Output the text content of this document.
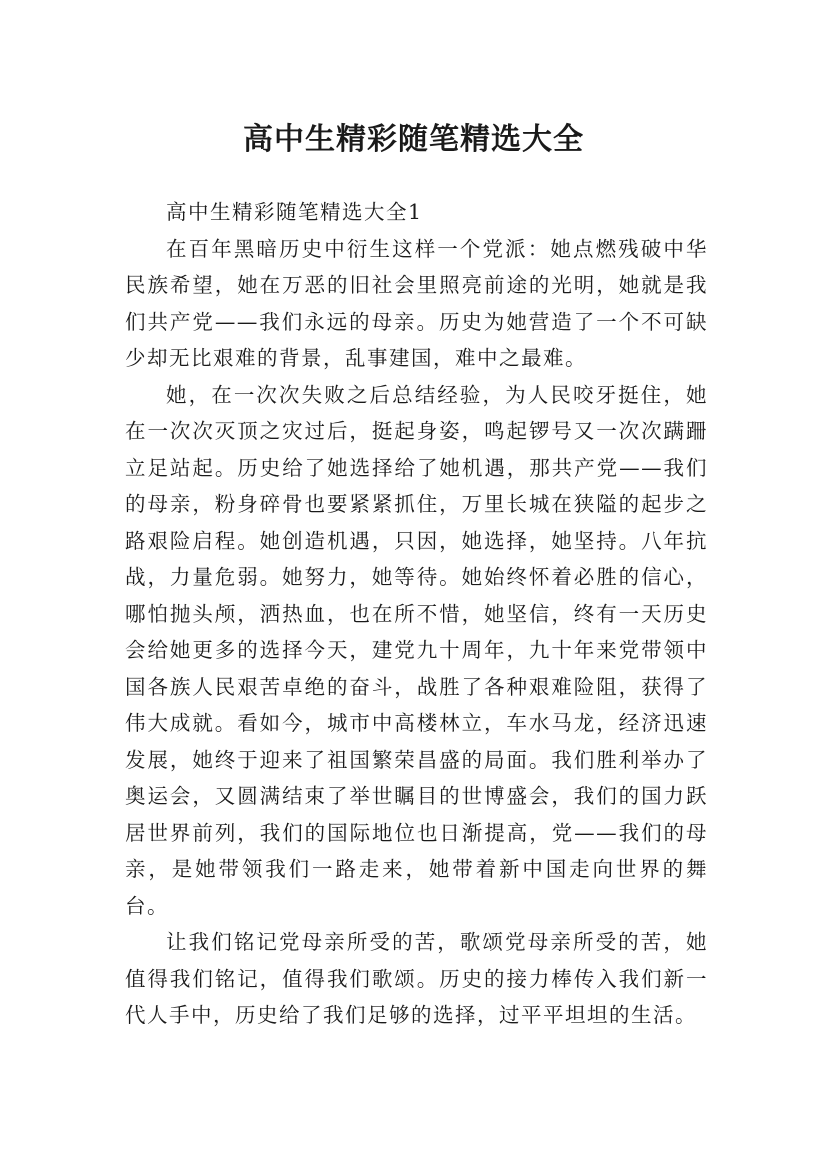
高中生精彩随笔精选大全

高中生精彩随笔精选大全1

在百年黑暗历史中衍生这样一个党派：她点燃残破中华民族希望，她在万恶的旧社会里照亮前途的光明，她就是我们共产党——我们永远的母亲。历史为她营造了一个不可缺少却无比艰难的背景，乱事建国，难中之最难。

她，在一次次失败之后总结经验，为人民咬牙挺住，她在一次次灭顶之灾过后，挺起身姿，鸣起锣号又一次次蹒跚立足站起。历史给了她选择给了她机遇，那共产党——我们的母亲，粉身碎骨也要紧紧抓住，万里长城在狭隘的起步之路艰险启程。她创造机遇，只因，她选择，她坚持。八年抗战，力量危弱。她努力，她等待。她始终怀着必胜的信心，哪怕抛头颅，洒热血，也在所不惜，她坚信，终有一天历史会给她更多的选择今天，建党九十周年，九十年来党带领中国各族人民艰苦卓绝的奋斗，战胜了各种艰难险阻，获得了伟大成就。看如今，城市中高楼林立，车水马龙，经济迅速发展，她终于迎来了祖国繁荣昌盛的局面。我们胜利举办了奥运会，又圆满结束了举世瞩目的世博盛会，我们的国力跃居世界前列，我们的国际地位也日渐提高，党——我们的母亲，是她带领我们一路走来，她带着新中国走向世界的舞台。

让我们铭记党母亲所受的苦，歌颂党母亲所受的苦，她值得我们铭记，值得我们歌颂。历史的接力棒传入我们新一代人手中，历史给了我们足够的选择，过平平坦坦的生活。
